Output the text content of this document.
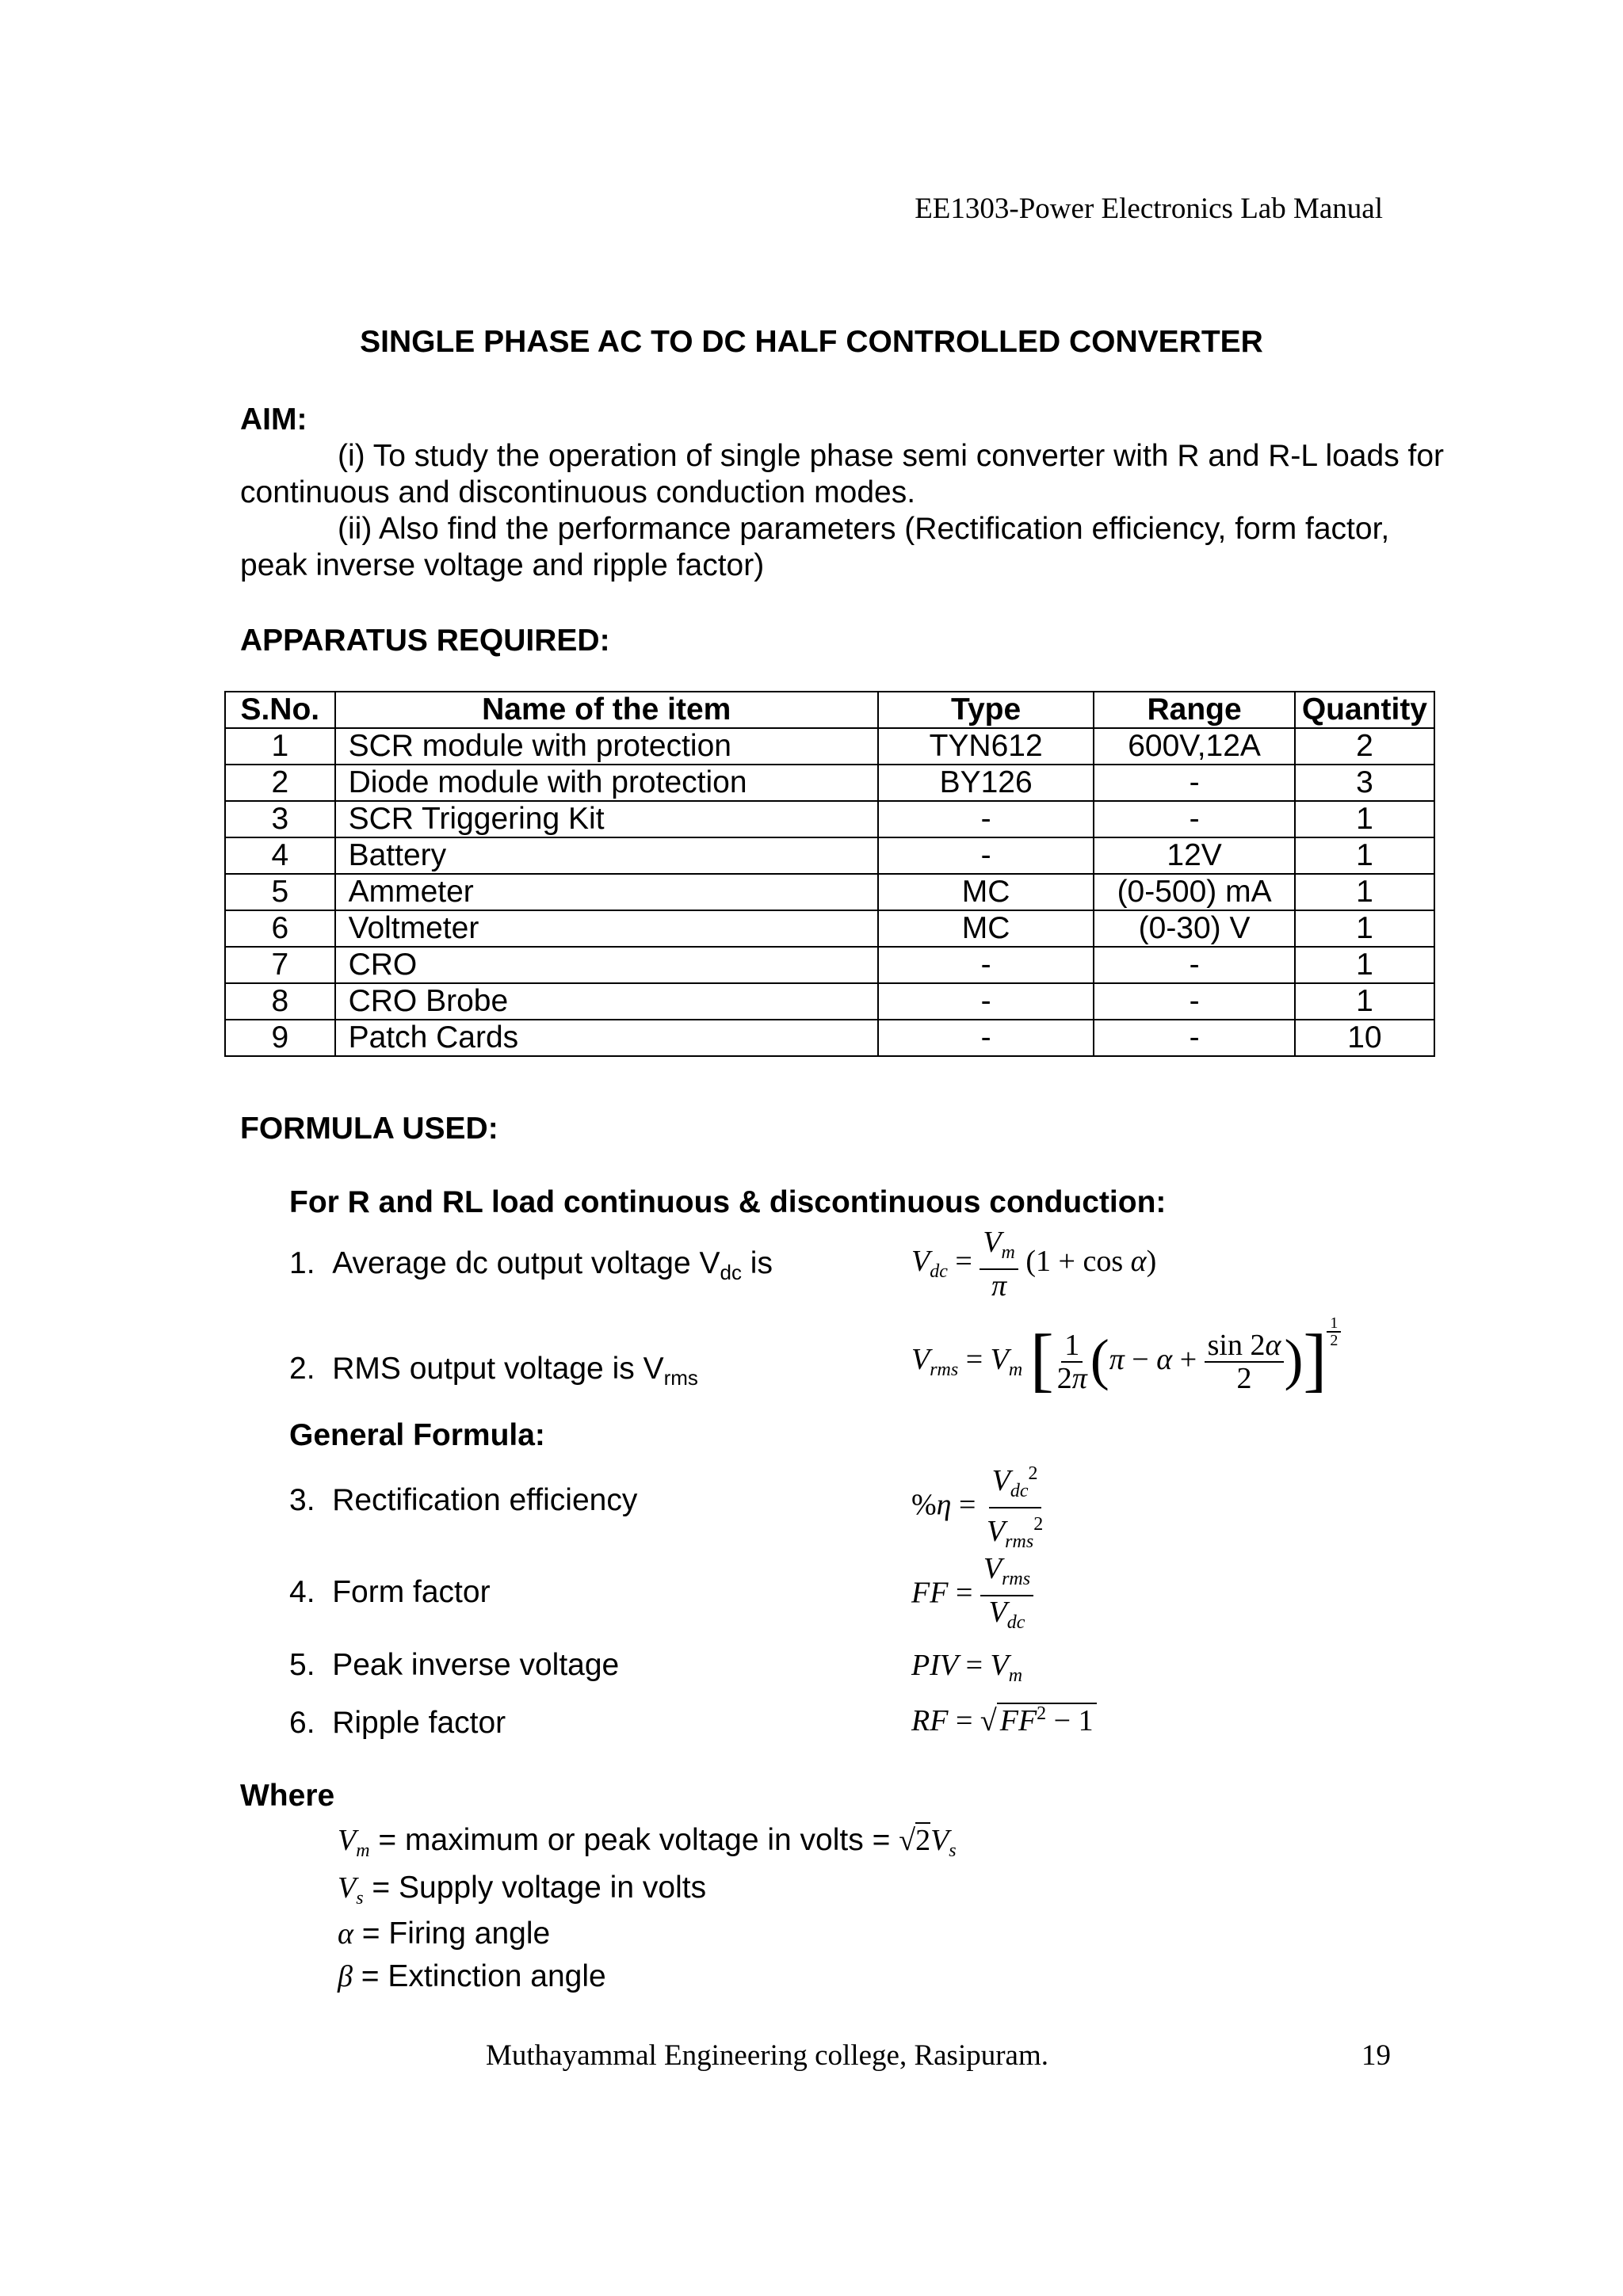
EE1303-Power Electronics Lab Manual
SINGLE PHASE AC TO DC HALF CONTROLLED CONVERTER
AIM:
(i) To study the operation of single phase semi converter with R and R-L loads for
continuous and discontinuous conduction modes.
(ii) Also find the performance parameters (Rectification efficiency, form factor,
peak inverse voltage and ripple factor)
APPARATUS REQUIRED:
S.No.	Name of the item	Type	Range	Quantity
1	SCR module with protection	TYN612	600V,12A	2
2	Diode module with protection	BY126	-	3
3	SCR Triggering Kit	-	-	1
4	Battery	-	12V	1
5	Ammeter	MC	(0-500) mA	1
6	Voltmeter	MC	(0-30) V	1
7	CRO	-	-	1
8	CRO Brobe	-	-	1
9	Patch Cards	-	-	10
FORMULA USED:
For R and RL load continuous & discontinuous conduction:
1. Average dc output voltage $V_{dc}$ is	$V_{dc} = \frac{V_m}{\pi} (1 + \cos \alpha)$
2. RMS output voltage is $V_{rms}$
$V_{rms} = V_m$ [ $\frac{1}{2\pi} (\pi - \alpha + \frac{\sin 2\alpha}{2}$ )] $\frac{1}{2}$
General Formula:
3. Rectification efficiency	$\%\eta = \frac{V_{dc}^2}{V_{rms}^2}$
4. Form factor	FF = $\frac{V_{rms}}{V_{dc}}$
5. Peak inverse voltage	PIV = $V_m$
6. Ripple factor	RF = √ $FF^2 - 1$
Where
$V_m$ = maximum or peak voltage in volts = $√2V_s$
$V_s$ = Supply voltage in volts
α = Firing angle
β = Extinction angle
Muthayammal Engineering college, Rasipuram.	19
